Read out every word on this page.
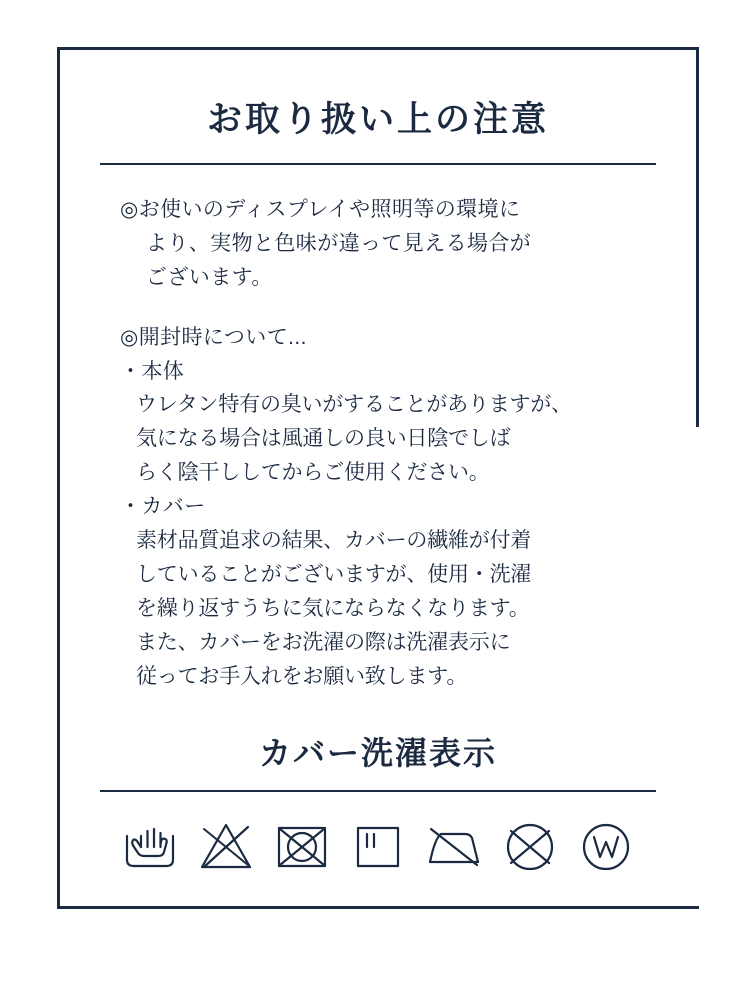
お取り扱い上の注意
◎お使いのディスプレイや照明等の環境に
より、実物と色味が違って見える場合が
ございます。
◎開封時について...
・本体
ウレタン特有の臭いがすることがありますが、
気になる場合は風通しの良い日陰でしば
らく陰干ししてからご使用ください。
・カバー
素材品質追求の結果、カバーの繊維が付着
していることがございますが、使用・洗濯
を繰り返すうちに気にならなくなります。
また、カバーをお洗濯の際は洗濯表示に
従ってお手入れをお願い致します。
カバー洗濯表示
